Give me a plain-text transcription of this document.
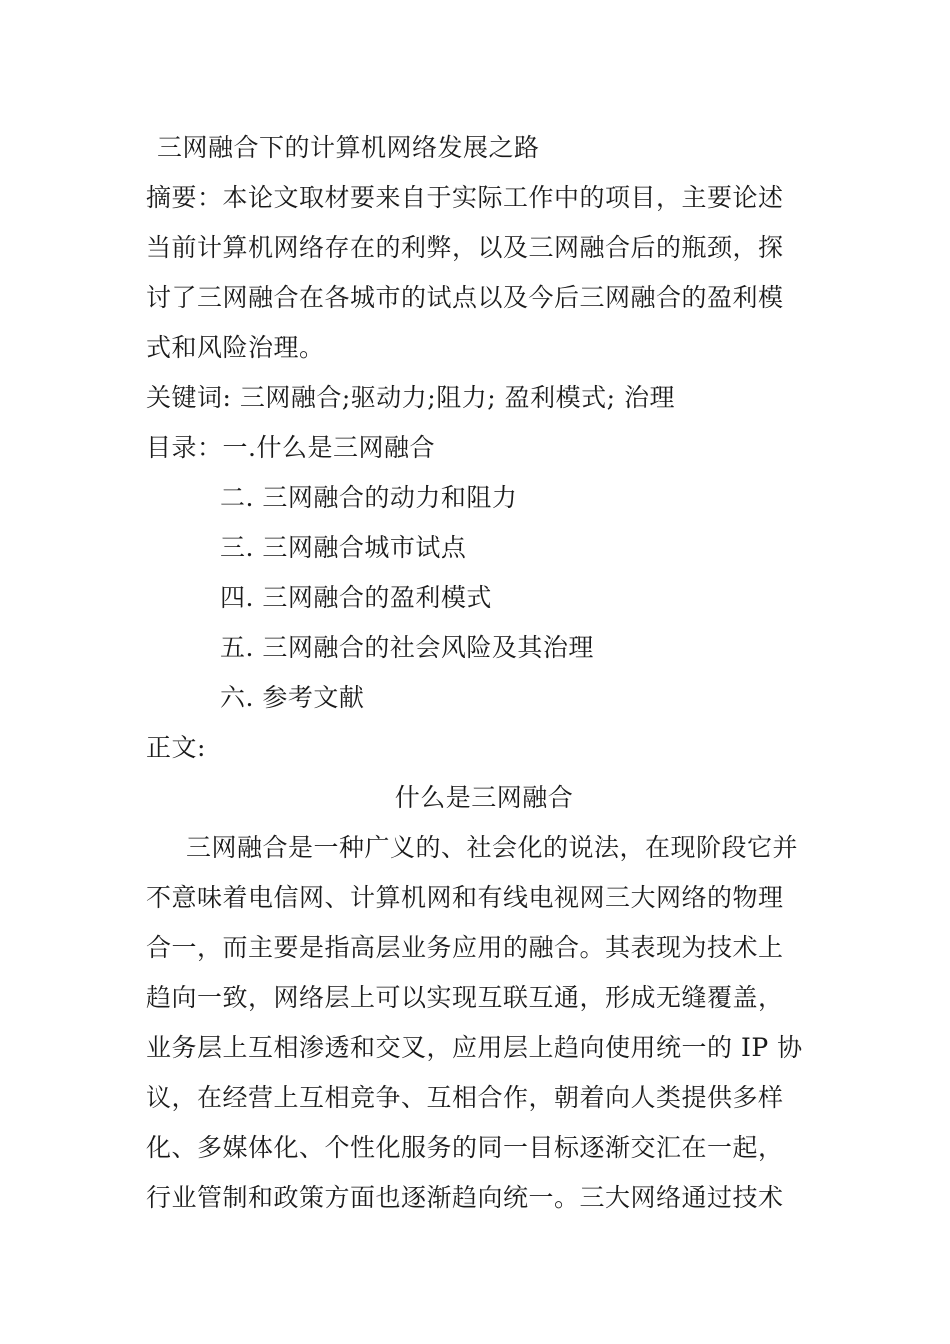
三网融合下的计算机网络发展之路
摘要：本论文取材要来自于实际工作中的项目，主要论述
当前计算机网络存在的利弊，以及三网融合后的瓶颈，探
讨了三网融合在各城市的试点以及今后三网融合的盈利模
式和风险治理。
关键词: 三网融合;驱动力;阻力; 盈利模式; 治理
目录：一.什么是三网融合
二. 三网融合的动力和阻力
三. 三网融合城市试点
四. 三网融合的盈利模式
五. 三网融合的社会风险及其治理
六. 参考文献
正文:
什么是三网融合
三网融合是一种广义的、社会化的说法，在现阶段它并
不意味着电信网、计算机网和有线电视网三大网络的物理
合一，而主要是指高层业务应用的融合。其表现为技术上
趋向一致，网络层上可以实现互联互通，形成无缝覆盖，
业务层上互相渗透和交叉，应用层上趋向使用统一的 IP 协
议，在经营上互相竞争、互相合作，朝着向人类提供多样
化、多媒体化、个性化服务的同一目标逐渐交汇在一起，
行业管制和政策方面也逐渐趋向统一。三大网络通过技术
